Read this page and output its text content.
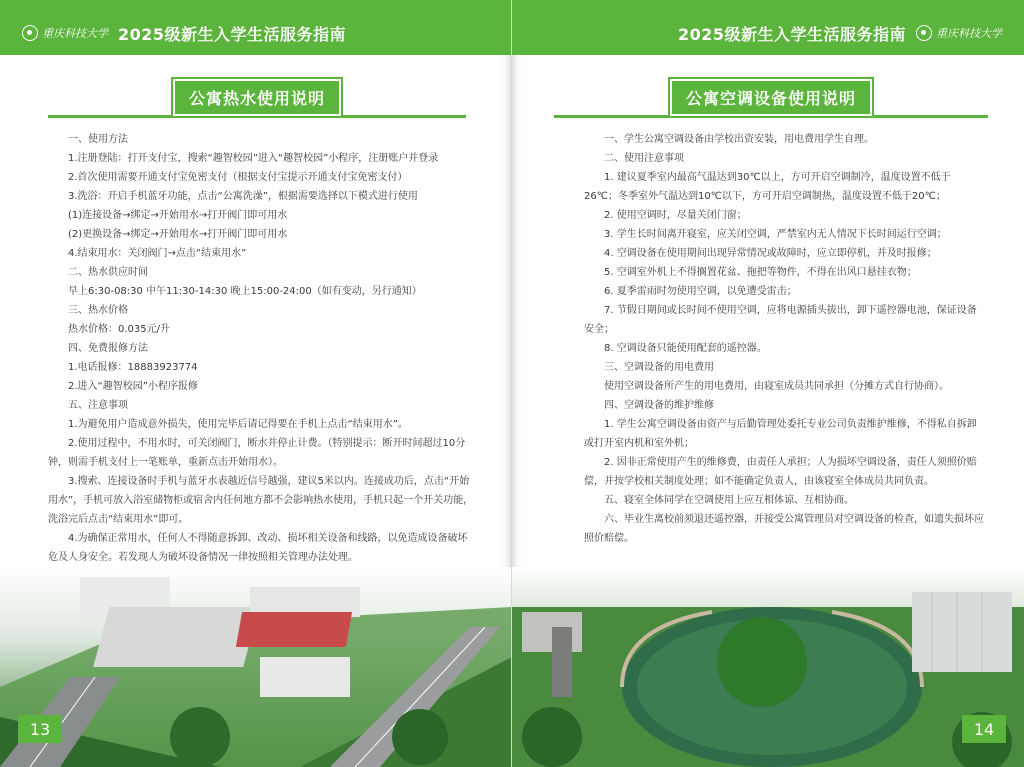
重庆科技大学 2025级新生入学生活服务指南
公寓热水使用说明

一、使用方法

1.注册登陆：打开支付宝，搜索“趣智校园”进入“趣智校园”小程序，注册账户并登录

2.首次使用需要开通支付宝免密支付（根据支付宝提示开通支付宝免密支付）

3.洗浴：开启手机蓝牙功能，点击“公寓洗澡”，根据需要选择以下模式进行使用

(1)连接设备→绑定→开始用水→打开阀门即可用水

(2)更换设备→绑定→开始用水→打开阀门即可用水

4.结束用水：关闭阀门→点击“结束用水”

二、热水供应时间

早上6:30-08:30 中午11:30-14:30 晚上15:00-24:00（如有变动，另行通知）

三、热水价格

热水价格：0.035元/升

四、免费报修方法

1.电话报修：18883923774

2.进入“趣智校园”小程序报修

五、注意事项

1.为避免用户造成意外损失，使用完毕后请记得要在手机上点击“结束用水”。

2.使用过程中，不用水时，可关闭阀门，断水并停止计费。（特别提示：断开时间超过10分钟，则需手机支付上一笔账单，重新点击开始用水）。

3.搜索、连接设备时手机与蓝牙水表越近信号越强，建议5米以内。连接成功后，点击“开始用水”，手机可放入浴室储物柜或宿舍内任何地方都不会影响热水使用，手机只起一个开关功能，洗浴完后点击“结束用水”即可。

4.为确保正常用水，任何人不得随意拆卸、改动、损坏相关设备和线路，以免造成设备破坏危及人身安全。若发现人为破坏设备情况一律按照相关管理办法处理。

13
2025级新生入学生活服务指南	重庆科技大学
公寓空调设备使用说明

一、学生公寓空调设备由学校出资安装，用电费用学生自理。

二、使用注意事项

1. 建议夏季室内最高气温达到30℃以上，方可开启空调制冷，温度设置不低于26℃；冬季室外气温达到10℃以下，方可开启空调制热，温度设置不低于20℃；

2. 使用空调时，尽量关闭门窗；

3. 学生长时间离开寝室，应关闭空调，严禁室内无人情况下长时间运行空调；

4. 空调设备在使用期间出现异常情况或故障时，应立即停机，并及时报修；

5. 空调室外机上不得搁置花盆、拖把等物件，不得在出风口悬挂衣物；

6. 夏季雷雨时勿使用空调，以免遭受雷击；

7. 节假日期间或长时间不使用空调，应将电源插头拔出，卸下遥控器电池，保证设备安全；

8. 空调设备只能使用配套的遥控器。

三、空调设备的用电费用

使用空调设备所产生的用电费用，由寝室成员共同承担（分摊方式自行协商）。

四、空调设备的维护维修

1. 学生公寓空调设备由资产与后勤管理处委托专业公司负责维护维修，不得私自拆卸或打开室内机和室外机；

2. 因非正常使用产生的维修费，由责任人承担；人为损坏空调设备，责任人须照价赔偿，并按学校相关制度处理；如不能确定负责人，由该寝室全体成员共同负责。

五、寝室全体同学在空调使用上应互相体谅、互相协商。

六、毕业生离校前须退还遥控器，并接受公寓管理员对空调设备的检查，如遗失损坏应照价赔偿。

14
